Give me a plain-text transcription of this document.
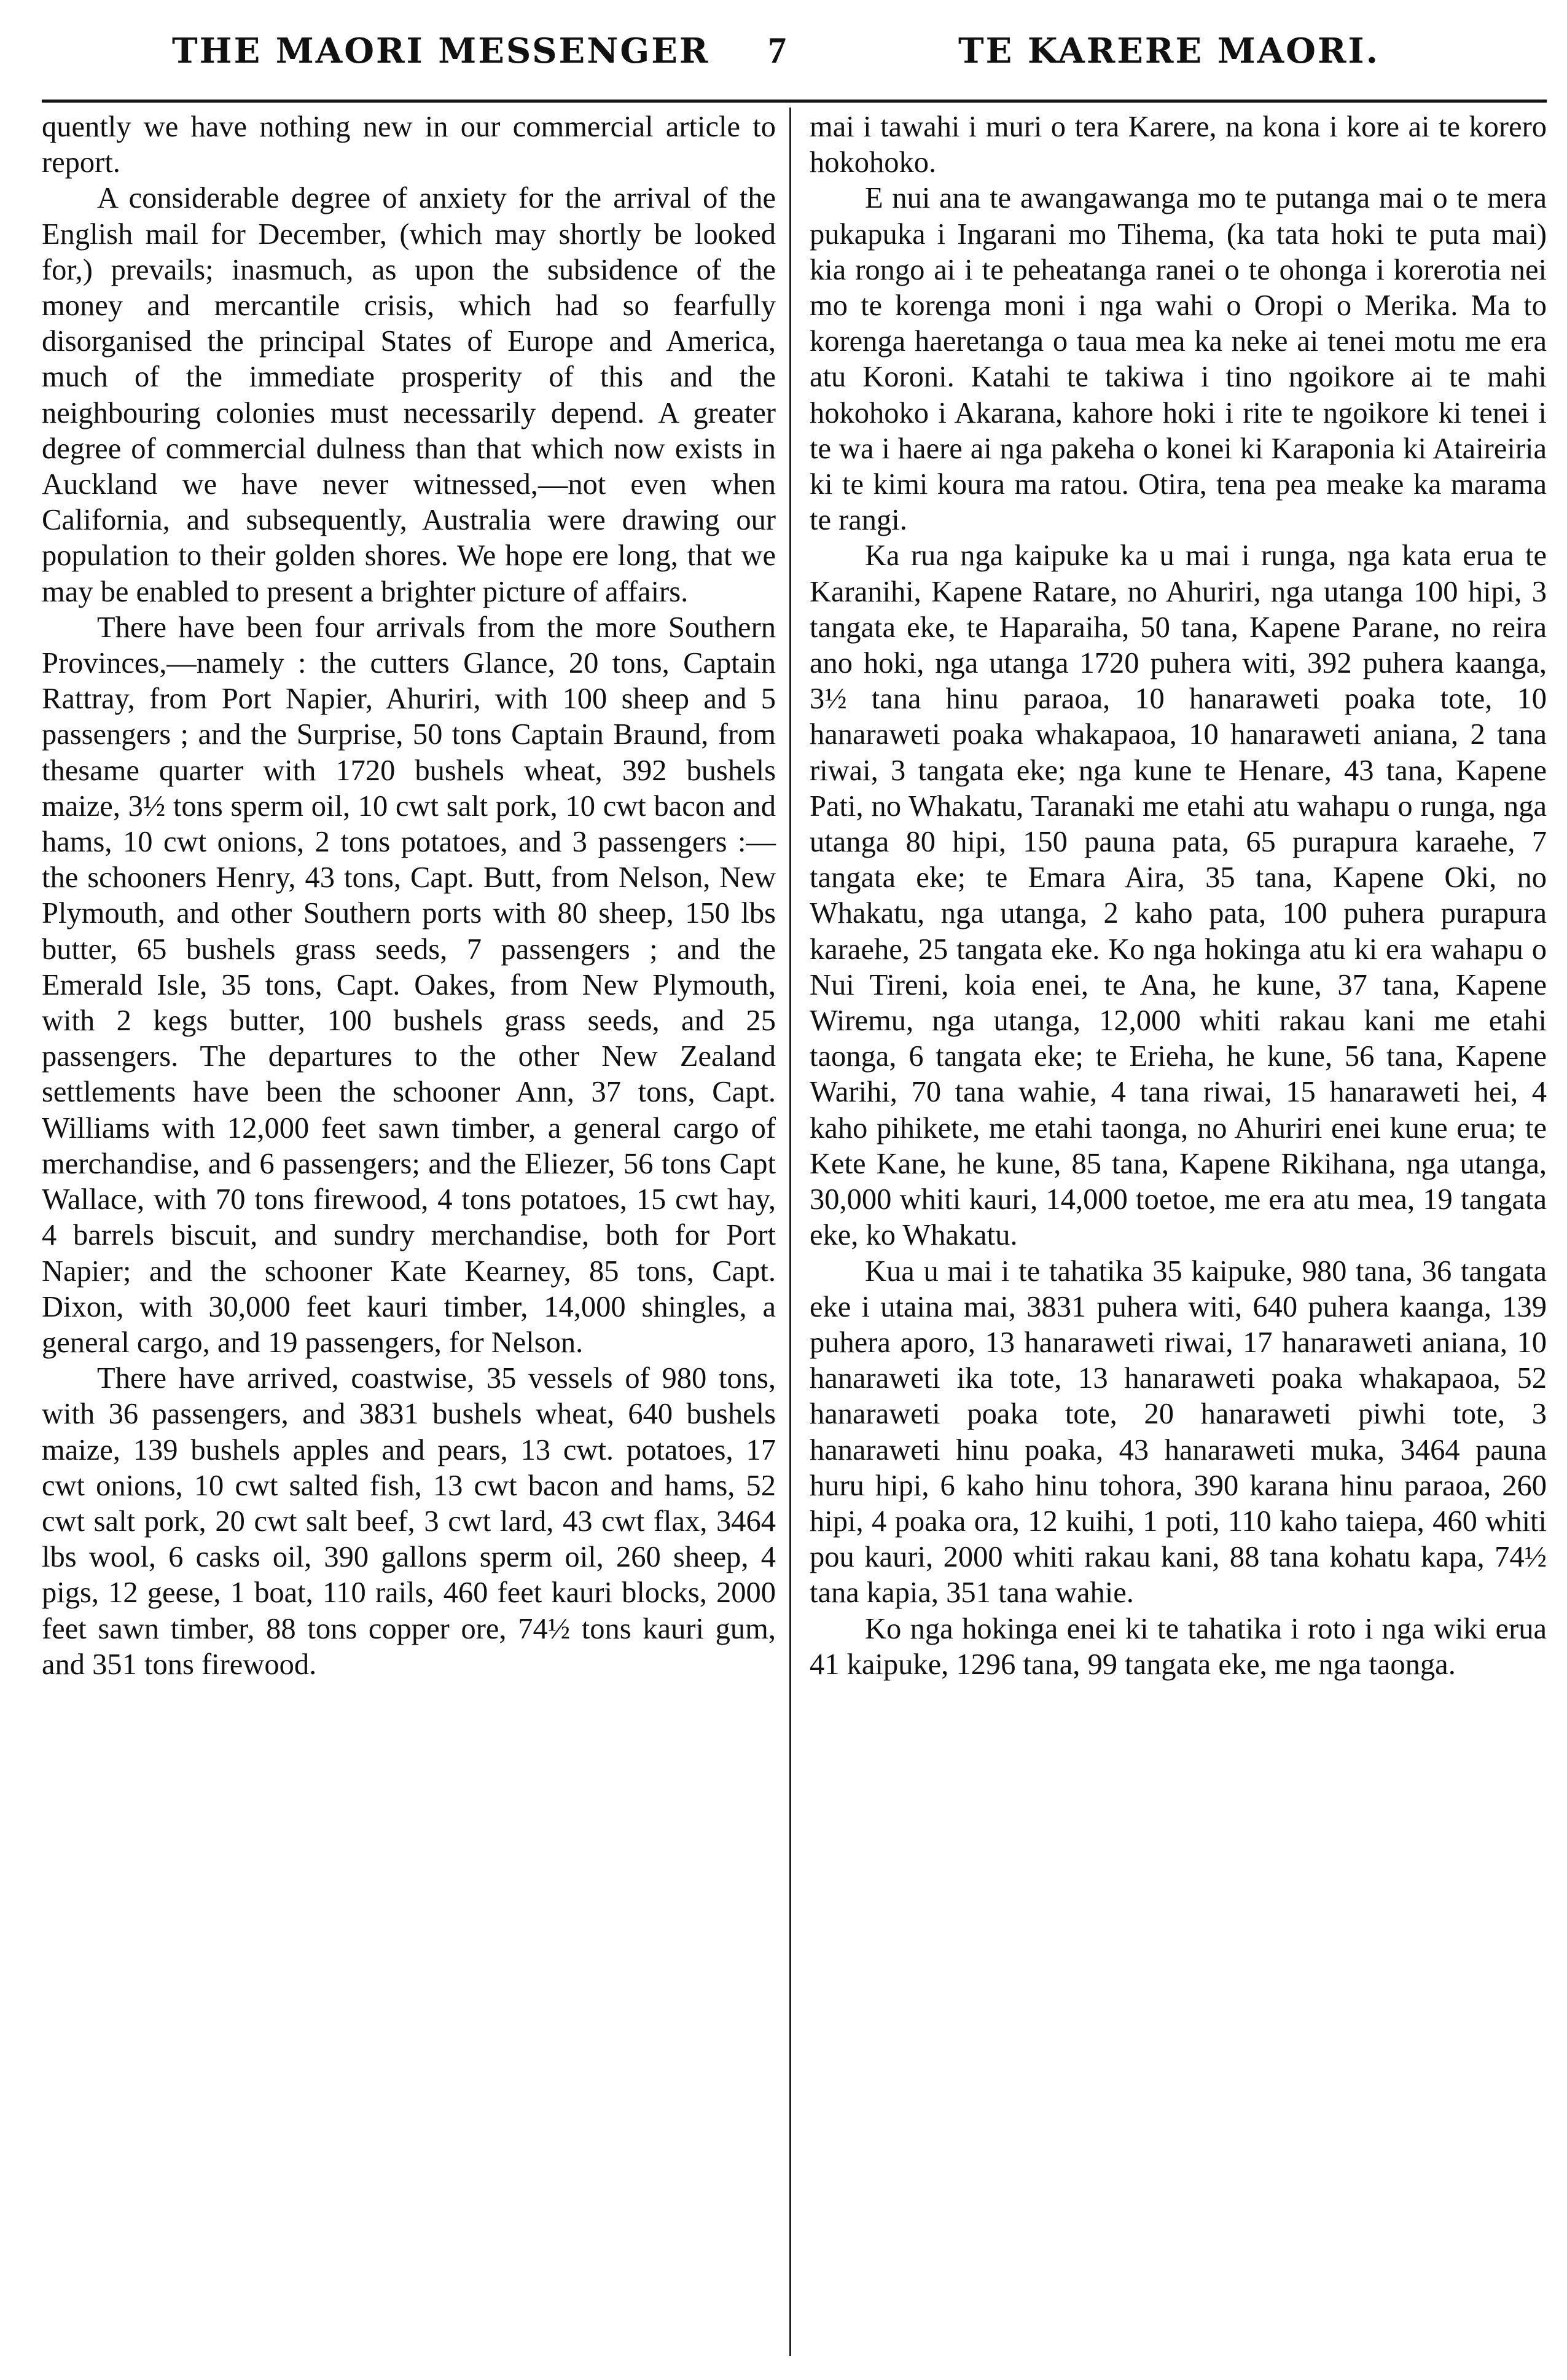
THE MAORI MESSENGER 7	TE KARERE MAORI.

quently we have nothing new in our commercial article to report.

A considerable degree of anxiety for the arrival of the English mail for December, (which may shortly be looked for,) prevails; inasmuch, as upon the subsidence of the money and mercantile crisis, which had so fearfully disorganised the principal States of Europe and America, much of the immediate prosperity of this and the neighbouring colonies must necessarily depend. A greater degree of commercial dulness than that which now exists in Auckland we have never witnessed,—not even when California, and subsequently, Australia were drawing our population to their golden shores. We hope ere long, that we may be enabled to present a brighter picture of affairs.

There have been four arrivals from the more Southern Provinces,—namely : the cutters Glance, 20 tons, Captain Rattray, from Port Napier, Ahuriri, with 100 sheep and 5 passengers ; and the Surprise, 50 tons Captain Braund, from thesame quarter with 1720 bushels wheat, 392 bushels maize, 3½ tons sperm oil, 10 cwt salt pork, 10 cwt bacon and hams, 10 cwt onions, 2 tons potatoes, and 3 passengers :—the schooners Henry, 43 tons, Capt. Butt, from Nelson, New Plymouth, and other Southern ports with 80 sheep, 150 lbs butter, 65 bushels grass seeds, 7 passengers ; and the Emerald Isle, 35 tons, Capt. Oakes, from New Plymouth, with 2 kegs butter, 100 bushels grass seeds, and 25 passengers. The departures to the other New Zealand settlements have been the schooner Ann, 37 tons, Capt. Williams with 12,000 feet sawn timber, a general cargo of merchandise, and 6 passengers; and the Eliezer, 56 tons Capt Wallace, with 70 tons firewood, 4 tons potatoes, 15 cwt hay, 4 barrels biscuit, and sundry merchandise, both for Port Napier; and the schooner Kate Kearney, 85 tons, Capt. Dixon, with 30,000 feet kauri timber, 14,000 shingles, a general cargo, and 19 passengers, for Nelson.

There have arrived, coastwise, 35 vessels of 980 tons, with 36 passengers, and 3831 bushels wheat, 640 bushels maize, 139 bushels apples and pears, 13 cwt. potatoes, 17 cwt onions, 10 cwt salted fish, 13 cwt bacon and hams, 52 cwt salt pork, 20 cwt salt beef, 3 cwt lard, 43 cwt flax, 3464 lbs wool, 6 casks oil, 390 gallons sperm oil, 260 sheep, 4 pigs, 12 geese, 1 boat, 110 rails, 460 feet kauri blocks, 2000 feet sawn timber, 88 tons copper ore, 74½ tons kauri gum, and 351 tons firewood.

mai i tawahi i muri o tera Karere, na kona i kore ai te korero hokohoko.

E nui ana te awangawanga mo te putanga mai o te mera pukapuka i Ingarani mo Tihema, (ka tata hoki te puta mai) kia rongo ai i te peheatanga ranei o te ohonga i korerotia nei mo te korenga moni i nga wahi o Oropi o Merika. Ma to korenga haeretanga o taua mea ka neke ai tenei motu me era atu Koroni. Katahi te takiwa i tino ngoikore ai te mahi hokohoko i Akarana, kahore hoki i rite te ngoikore ki tenei i te wa i haere ai nga pakeha o konei ki Karaponia ki Ataireiria ki te kimi koura ma ratou. Otira, tena pea meake ka marama te rangi.

Ka rua nga kaipuke ka u mai i runga, nga kata erua te Karanihi, Kapene Ratare, no Ahuriri, nga utanga 100 hipi, 3 tangata eke, te Haparaiha, 50 tana, Kapene Parane, no reira ano hoki, nga utanga 1720 puhera witi, 392 puhera kaanga, 3½ tana hinu paraoa, 10 hanaraweti poaka tote, 10 hanaraweti poaka whakapaoa, 10 hanaraweti aniana, 2 tana riwai, 3 tangata eke; nga kune te Henare, 43 tana, Kapene Pati, no Whakatu, Taranaki me etahi atu wahapu o runga, nga utanga 80 hipi, 150 pauna pata, 65 purapura karaehe, 7 tangata eke; te Emara Aira, 35 tana, Kapene Oki, no Whakatu, nga utanga, 2 kaho pata, 100 puhera purapura karaehe, 25 tangata eke. Ko nga hokinga atu ki era wahapu o Nui Tireni, koia enei, te Ana, he kune, 37 tana, Kapene Wiremu, nga utanga, 12,000 whiti rakau kani me etahi taonga, 6 tangata eke; te Erieha, he kune, 56 tana, Kapene Warihi, 70 tana wahie, 4 tana riwai, 15 hanaraweti hei, 4 kaho pihikete, me etahi taonga, no Ahuriri enei kune erua; te Kete Kane, he kune, 85 tana, Kapene Rikihana, nga utanga, 30,000 whiti kauri, 14,000 toetoe, me era atu mea, 19 tangata eke, ko Whakatu.

Kua u mai i te tahatika 35 kaipuke, 980 tana, 36 tangata eke i utaina mai, 3831 puhera witi, 640 puhera kaanga, 139 puhera aporo, 13 hanaraweti riwai, 17 hanaraweti aniana, 10 hanaraweti ika tote, 13 hanaraweti poaka whakapaoa, 52 hanaraweti poaka tote, 20 hanaraweti piwhi tote, 3 hanaraweti hinu poaka, 43 hanaraweti muka, 3464 pauna huru hipi, 6 kaho hinu tohora, 390 karana hinu paraoa, 260 hipi, 4 poaka ora, 12 kuihi, 1 poti, 110 kaho taiepa, 460 whiti pou kauri, 2000 whiti rakau kani, 88 tana kohatu kapa, 74½ tana kapia, 351 tana wahie.

Ko nga hokinga enei ki te tahatika i roto i nga wiki erua 41 kaipuke, 1296 tana, 99 tangata eke, me nga taonga.
